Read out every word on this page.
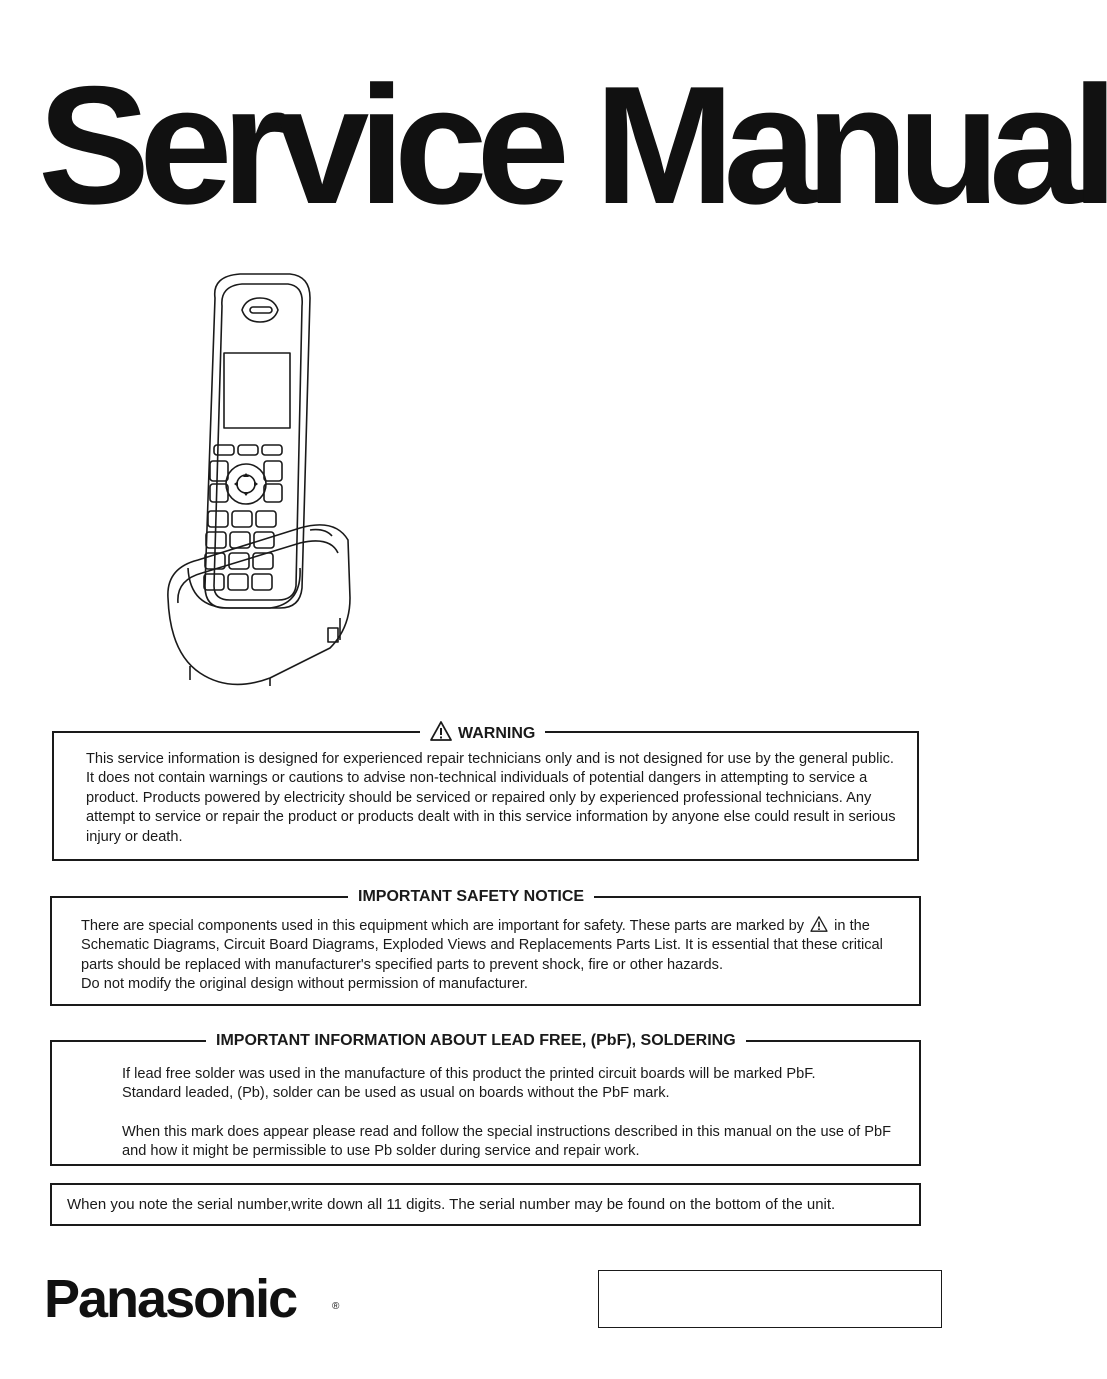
Service Manual
WARNING

This service information is designed for experienced repair technicians only and is not designed for use by the general public. It does not contain warnings or cautions to advise non-technical individuals of potential dangers in attempting to service a product. Products powered by electricity should be serviced or repaired only by experienced professional technicians. Any attempt to service or repair the product or products dealt with in this service information by anyone else could result in serious injury or death.

IMPORTANT SAFETY NOTICE

There are special components used in this equipment which are important for safety. These parts are marked by in the Schematic Diagrams, Circuit Board Diagrams, Exploded Views and Replacements Parts List. It is essential that these critical parts should be replaced with manufacturer's specified parts to prevent shock, fire or other hazards.

Do not modify the original design without permission of manufacturer.

IMPORTANT INFORMATION ABOUT LEAD FREE, (PbF), SOLDERING

If lead free solder was used in the manufacture of this product the printed circuit boards will be marked PbF.

Standard leaded, (Pb), solder can be used as usual on boards without the PbF mark.

When this mark does appear please read and follow the special instructions described in this manual on the use of PbF and how it might be permissible to use Pb solder during service and repair work.

When you note the serial number,write down all 11 digits. The serial number may be found on the bottom of the unit.
Panasonic	®
